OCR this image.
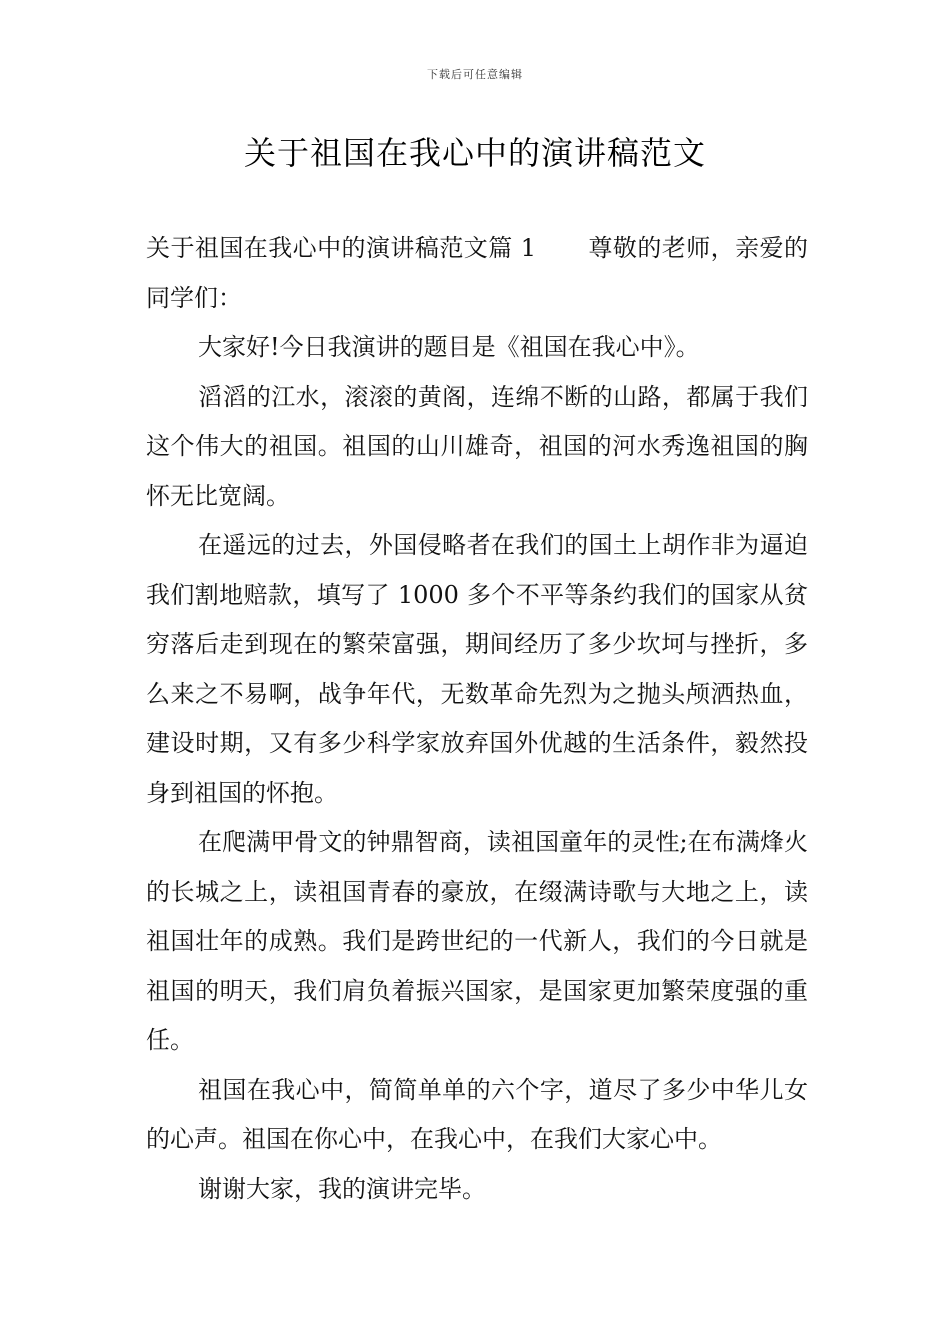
下载后可任意编辑
关于祖国在我心中的演讲稿范文

关于祖国在我心中的演讲稿范文篇 1 尊敬的老师，亲爱的同学们：

大家好!今日我演讲的题目是《祖国在我心中》。

滔滔的江水，滚滚的黄阁，连绵不断的山路，都属于我们这个伟大的祖国。祖国的山川雄奇，祖国的河水秀逸祖国的胸怀无比宽阔。

在遥远的过去，外国侵略者在我们的国土上胡作非为逼迫我们割地赔款，填写了 1000 多个不平等条约我们的国家从贫穷落后走到现在的繁荣富强，期间经历了多少坎坷与挫折，多么来之不易啊，战争年代，无数革命先烈为之抛头颅洒热血，建设时期，又有多少科学家放弃国外优越的生活条件，毅然投身到祖国的怀抱。

在爬满甲骨文的钟鼎智商，读祖国童年的灵性;在布满烽火的长城之上，读祖国青春的豪放，在缀满诗歌与大地之上，读祖国壮年的成熟。我们是跨世纪的一代新人，我们的今日就是祖国的明天，我们肩负着振兴国家，是国家更加繁荣度强的重任。

祖国在我心中，简简单单的六个字，道尽了多少中华儿女的心声。祖国在你心中，在我心中，在我们大家心中。

谢谢大家，我的演讲完毕。
